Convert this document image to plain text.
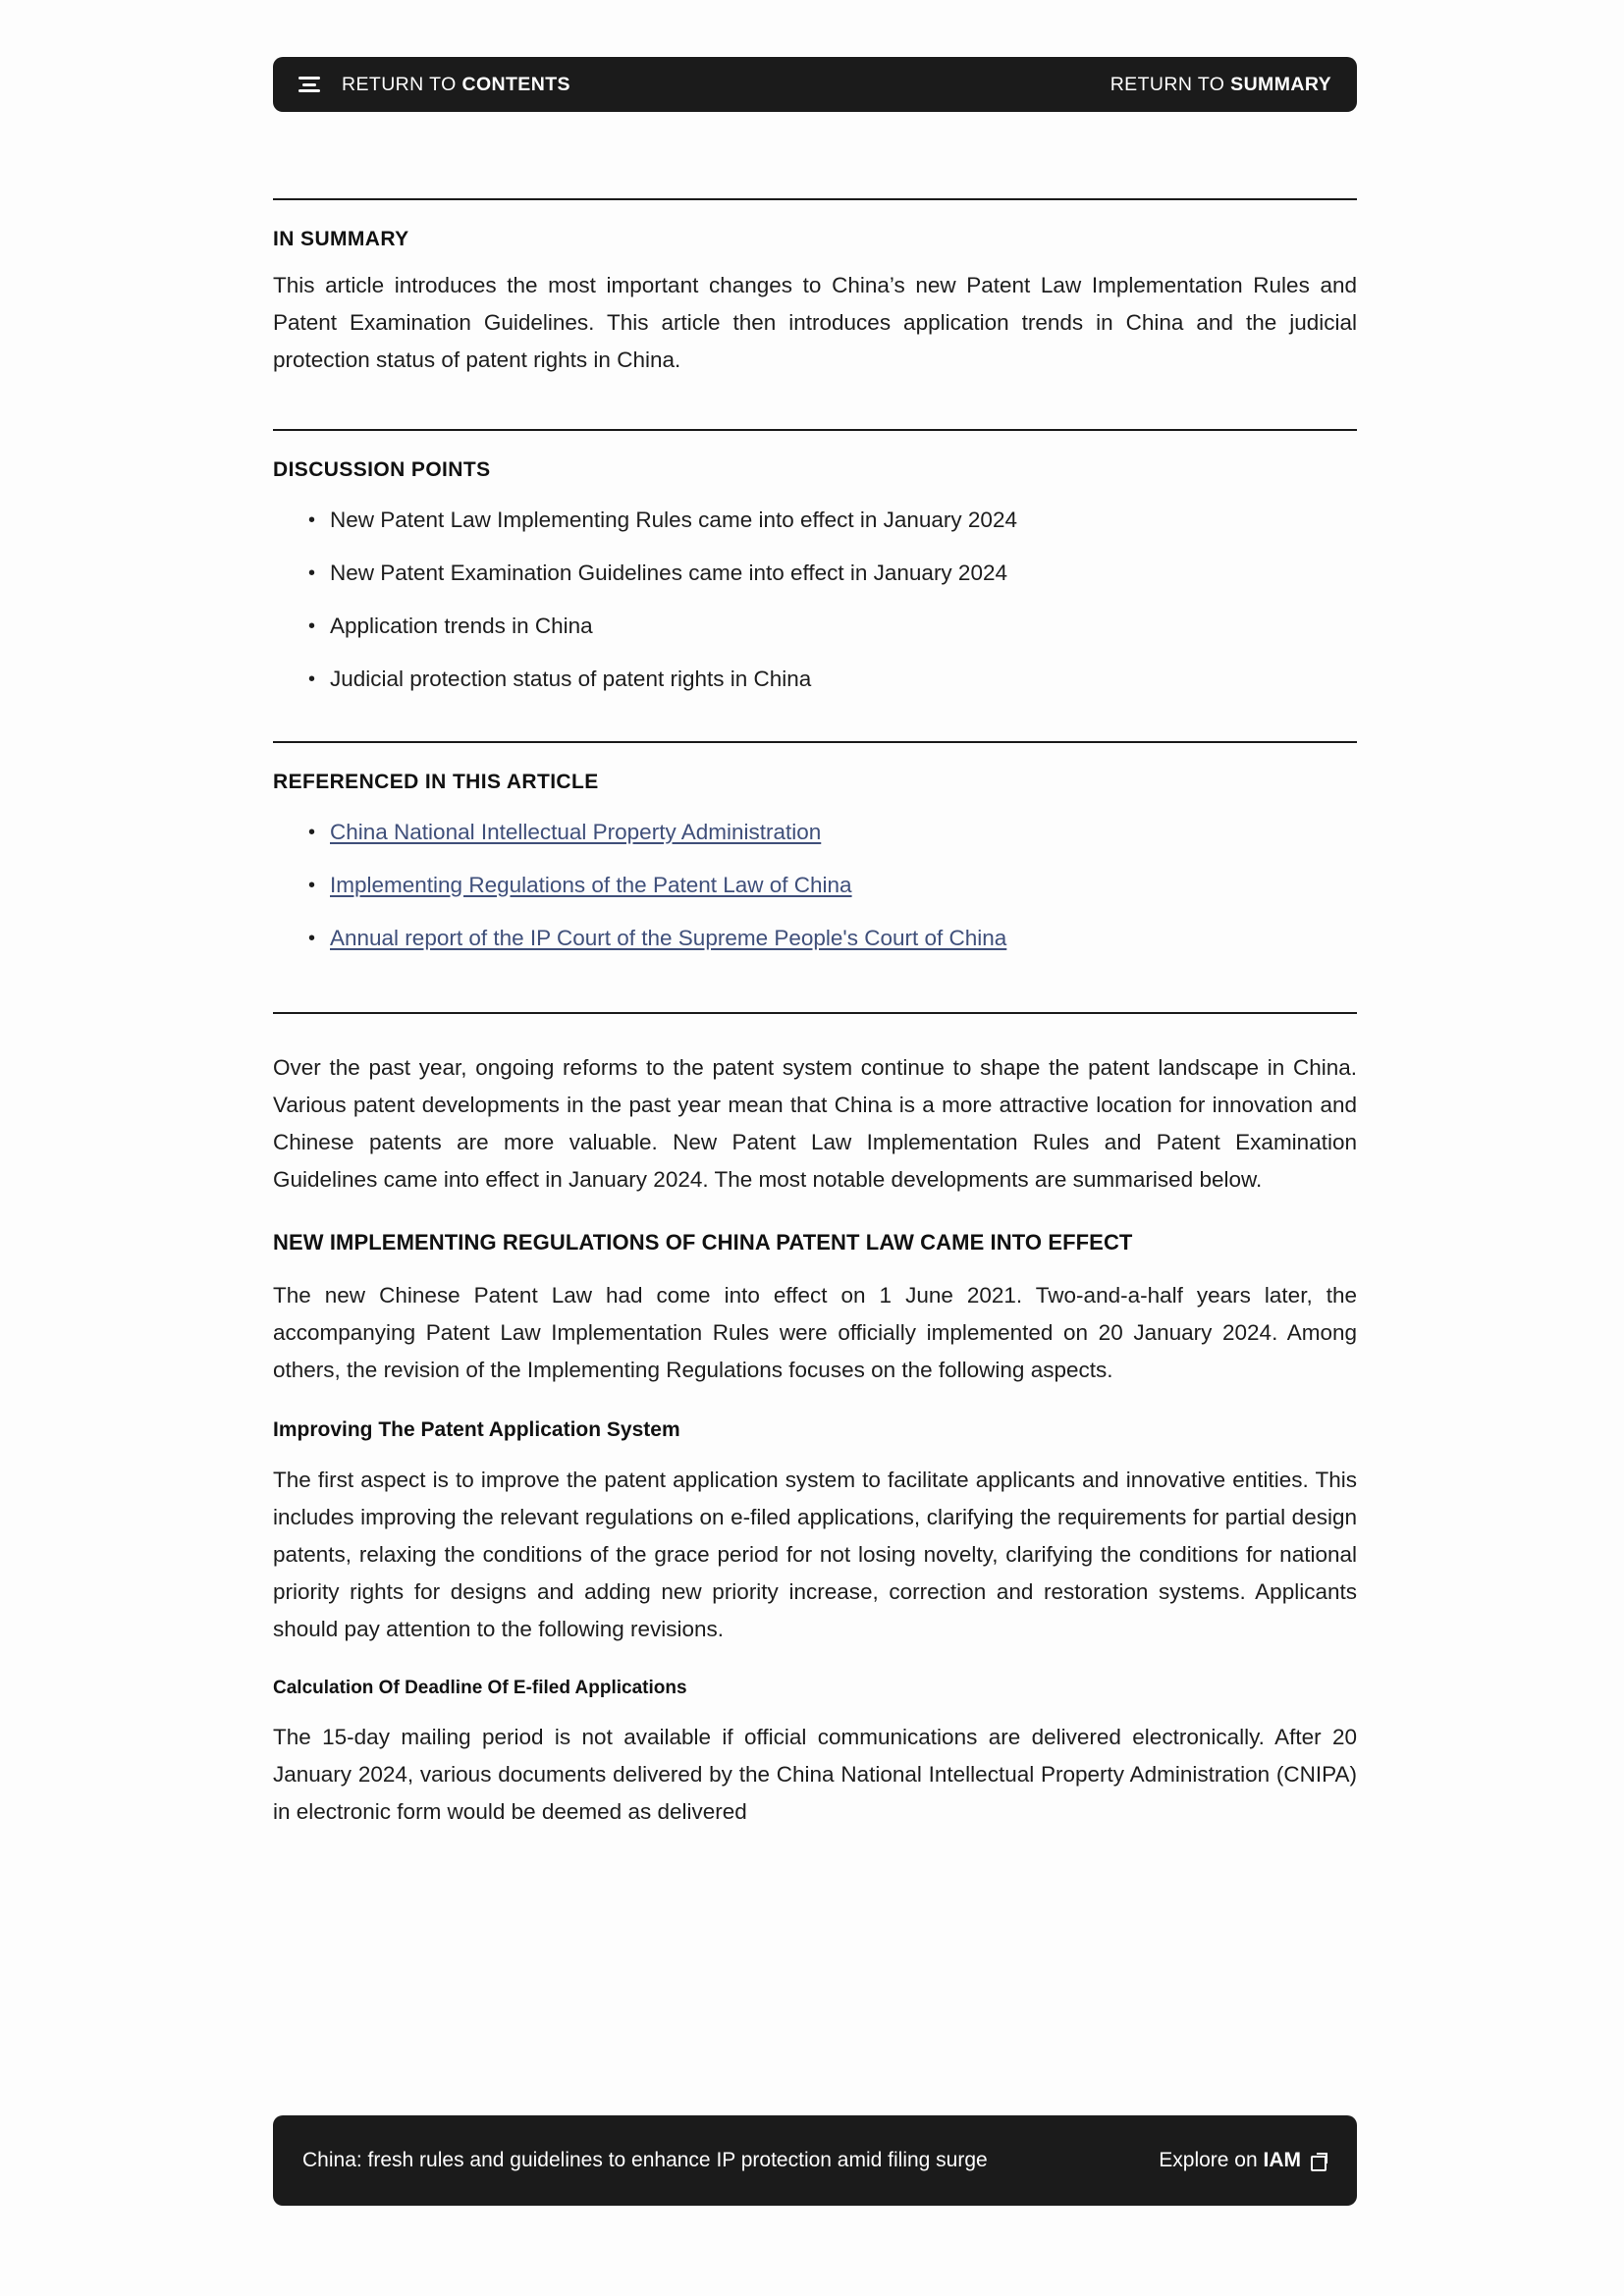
RETURN TO CONTENTS	RETURN TO SUMMARY

IN SUMMARY

This article introduces the most important changes to China’s new Patent Law Implementation Rules and Patent Examination Guidelines. This article then introduces application trends in China and the judicial protection status of patent rights in China.

DISCUSSION POINTS

• New Patent Law Implementing Rules came into effect in January 2024
• New Patent Examination Guidelines came into effect in January 2024
• Application trends in China
• Judicial protection status of patent rights in China

REFERENCED IN THIS ARTICLE

• China National Intellectual Property Administration
• Implementing Regulations of the Patent Law of China
• Annual report of the IP Court of the Supreme People's Court of China

Over the past year, ongoing reforms to the patent system continue to shape the patent landscape in China. Various patent developments in the past year mean that China is a more attractive location for innovation and Chinese patents are more valuable. New Patent Law Implementation Rules and Patent Examination Guidelines came into effect in January 2024. The most notable developments are summarised below.

NEW IMPLEMENTING REGULATIONS OF CHINA PATENT LAW CAME INTO EFFECT

The new Chinese Patent Law had come into effect on 1 June 2021. Two-and-a-half years later, the accompanying Patent Law Implementation Rules were officially implemented on 20 January 2024. Among others, the revision of the Implementing Regulations focuses on the following aspects.

Improving The Patent Application System

The first aspect is to improve the patent application system to facilitate applicants and innovative entities. This includes improving the relevant regulations on e-filed applications, clarifying the requirements for partial design patents, relaxing the conditions of the grace period for not losing novelty, clarifying the conditions for national priority rights for designs and adding new priority increase, correction and restoration systems. Applicants should pay attention to the following revisions.

Calculation Of Deadline Of E-filed Applications

The 15-day mailing period is not available if official communications are delivered electronically. After 20 January 2024, various documents delivered by the China National Intellectual Property Administration (CNIPA) in electronic form would be deemed as delivered

China: fresh rules and guidelines to enhance IP protection amid filing surge	Explore on IAM
